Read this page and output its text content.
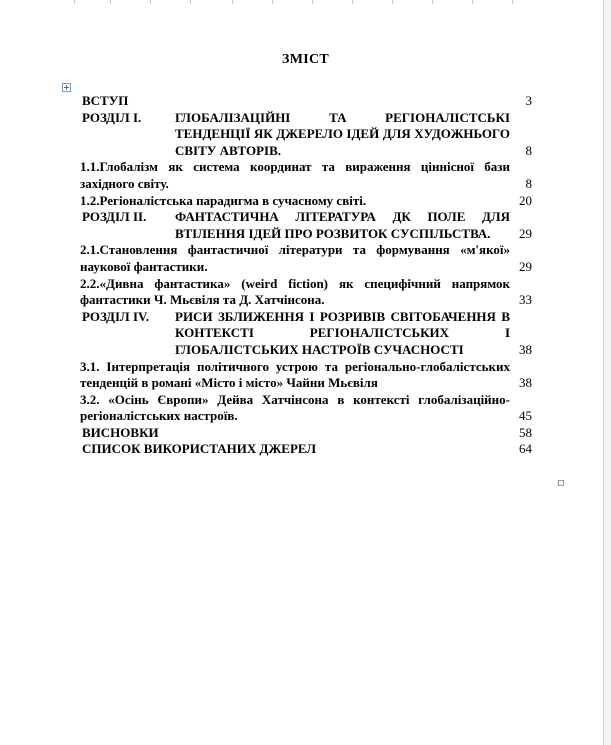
ЗМІСТ
ВСТУП	3
РОЗДІЛ І.	ГЛОБАЛІЗАЦІЙНІ ТА РЕГІОНАЛІСТСЬКІ ТЕНДЕНЦІЇ ЯК ДЖЕРЕЛО ІДЕЙ ДЛЯ ХУДОЖНЬОГО СВІТУ АВТОРІВ.	8
1.1.Глобалізм як система координат та вираження ціннісної бази західного світу.	8
1.2.Регіоналістська парадигма в сучасному світі.	20
РОЗДІЛ ІІ.	ФАНТАСТИЧНА ЛІТЕРАТУРА ДК ПОЛЕ ДЛЯ ВТІЛЕННЯ ІДЕЙ ПРО РОЗВИТОК СУСПІЛЬСТВА.	29
2.1.Становлення фантастичної літератури та формування «м'якої» наукової фантастики.	29
2.2.«Дивна фантастика» (weird fiction) як специфічний напрямок фантастики Ч. Мьєвіля та Д. Хатчінсона.	33
РОЗДІЛ IV.	РИСИ ЗБЛИЖЕННЯ І РОЗРИВІВ СВІТОБАЧЕННЯ В КОНТЕКСТІ РЕГІОНАЛІСТСЬКИХ І ГЛОБАЛІСТСЬКИХ НАСТРОЇВ СУЧАСНОСТІ	38
3.1. Інтерпретація політичного устрою та регіонально-глобалістських тенденцій в романі «Місто і місто» Чайни Мьєвіля	38
3.2. «Осінь Європи» Дейва Хатчінсона в контексті глобалізаційно-регіоналістських настроїв.	45
ВИСНОВКИ	58
СПИСОК ВИКОРИСТАНИХ ДЖЕРЕЛ	64
